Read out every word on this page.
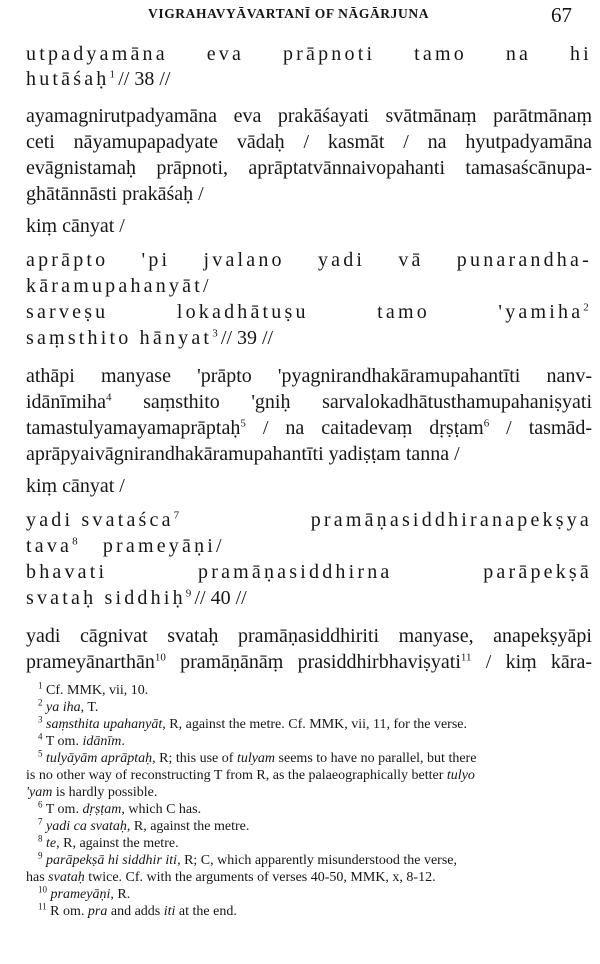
VIGRAHAVYĀVARTANĪ OF NĀGĀRJUNA	67
utpadyamāna eva prāpnoti tamo na hi
hutāśaḥ$^1$ // 38 //
ayamagnirutpadyamāna eva prakāśayati svātmānaṃ parātmānaṃ
ceti nāyamupapadyate vādaḥ / kasmāt / na hyutpadyamāna
evāgnistamaḥ prāpnoti, aprāptatvānnaivopahanti tamasaścānupa-
ghātānnāsti prakāśaḥ /
kiṃ cānyat /
aprāpto 'pi jvalano yadi vā punarandha-
kāramupahanyāt/
sarveṣu	lokadhātuṣu	tamo	'yamiha$^2$
saṃsthito hānyat$^3$ // 39 //
athāpi manyase 'prāpto 'pyagnirandhakāramupahantīti nanv-
idānīmiha$^4$ saṃsthito 'gniḥ sarvalokadhātusthamupahaniṣyati
tamastulyamayamaprāptaḥ$^5$ / na caitadevaṃ dṛṣṭam$^6$ / tasmād-
aprāpyaivāgnirandhakāramupahantīti yadiṣṭam tanna /
kiṃ cānyat /
yadi svataśca$^7$	pramāṇasiddhiranapekṣya
tava$^8$ prameyāṇi/
bhavati	pramāṇasiddhirna	parāpekṣā
svataḥ siddhiḥ$^9$ // 40 //
yadi cāgnivat svataḥ pramāṇasiddhiriti manyase, anapekṣyāpi
prameyānarthān$^{10}$ pramāṇānāṃ prasiddhirbhaviṣyati$^{11}$ / kiṃ kāra-
$^1$ Cf. MMK, vii, 10.
$^2$ ya iha, T.
$^3$ saṃsthita upahanyāt, R, against the metre. Cf. MMK, vii, 11, for the verse.
$^4$ T om. idānīm.
$^5$ tulyāyām aprāptaḥ, R; this use of tulyam seems to have no parallel, but there
is no other way of reconstructing T from R, as the palaeographically better tulyo
'yam is hardly possible.
$^6$ T om. dṛṣṭam, which C has.
$^7$ yadi ca svataḥ, R, against the metre.
$^8$ te, R, against the metre.
$^9$ parāpekṣā hi siddhir iti, R; C, which apparently misunderstood the verse,
has svataḥ twice. Cf. with the arguments of verses 40-50, MMK, x, 8-12.
$^{10}$ prameyāṇi, R.
$^{11}$ R om. pra and adds iti at the end.
